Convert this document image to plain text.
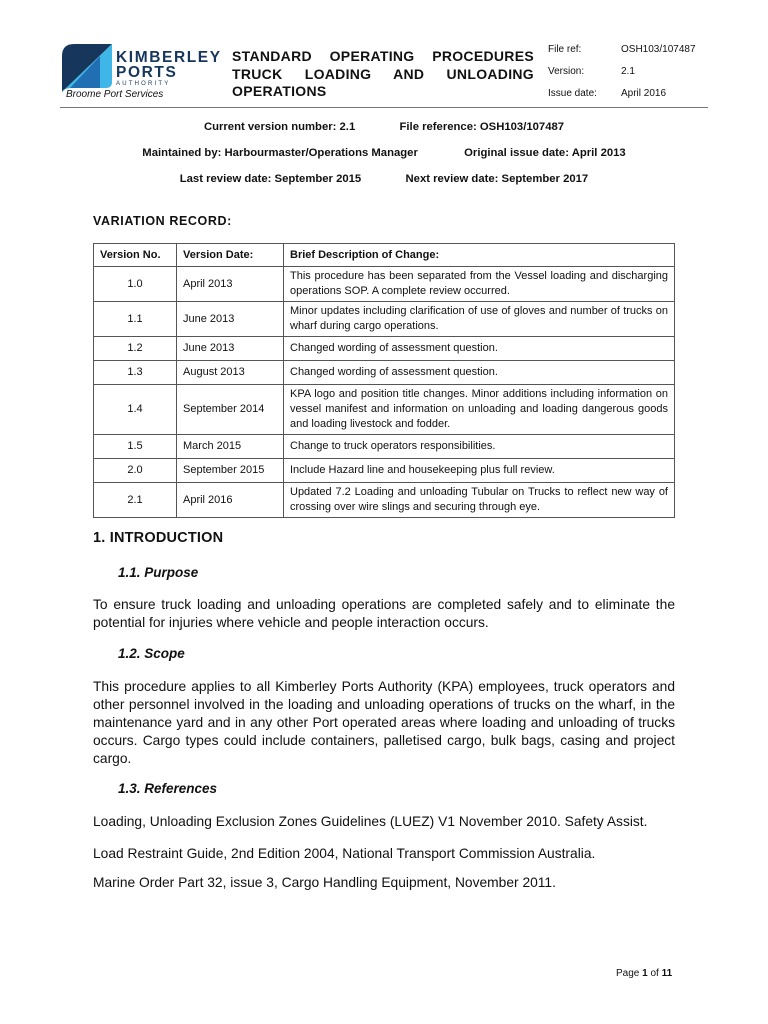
KIMBERLEY
PORTS
AUTHORITY
Broome Port Services
STANDARD OPERATING PROCEDURES
TRUCK LOADING AND UNLOADING
OPERATIONS
File ref:	OSH103/107487
Version:	2.1
Issue date:	April 2016
Current version number: 2.1	File reference: OSH103/107487
Maintained by: Harbourmaster/Operations Manager	Original issue date: April 2013
Last review date: September 2015	Next review date: September 2017
VARIATION RECORD:
Version No.	Version Date:	Brief Description of Change:
1.0	April 2013	This procedure has been separated from the Vessel loading and discharging operations SOP. A complete review occurred.
1.1	June 2013	Minor updates including clarification of use of gloves and number of trucks on wharf during cargo operations.
1.2	June 2013	Changed wording of assessment question.
1.3	August 2013	Changed wording of assessment question.
1.4	September 2014	KPA logo and position title changes. Minor additions including information on vessel manifest and information on unloading and loading dangerous goods and loading livestock and fodder.
1.5	March 2015	Change to truck operators responsibilities.
2.0	September 2015	Include Hazard line and housekeeping plus full review.
2.1	April 2016	Updated 7.2 Loading and unloading Tubular on Trucks to reflect new way of crossing over wire slings and securing through eye.
1. INTRODUCTION
1.1. Purpose
To ensure truck loading and unloading operations are completed safely and to eliminate the potential for injuries where vehicle and people interaction occurs.
1.2. Scope
This procedure applies to all Kimberley Ports Authority (KPA) employees, truck operators and other personnel involved in the loading and unloading operations of trucks on the wharf, in the maintenance yard and in any other Port operated areas where loading and unloading of trucks occurs. Cargo types could include containers, palletised cargo, bulk bags, casing and project cargo.
1.3. References
Loading, Unloading Exclusion Zones Guidelines (LUEZ) V1 November 2010. Safety Assist.
Load Restraint Guide, 2nd Edition 2004, National Transport Commission Australia.
Marine Order Part 32, issue 3, Cargo Handling Equipment, November 2011.
Page 1 of 11
